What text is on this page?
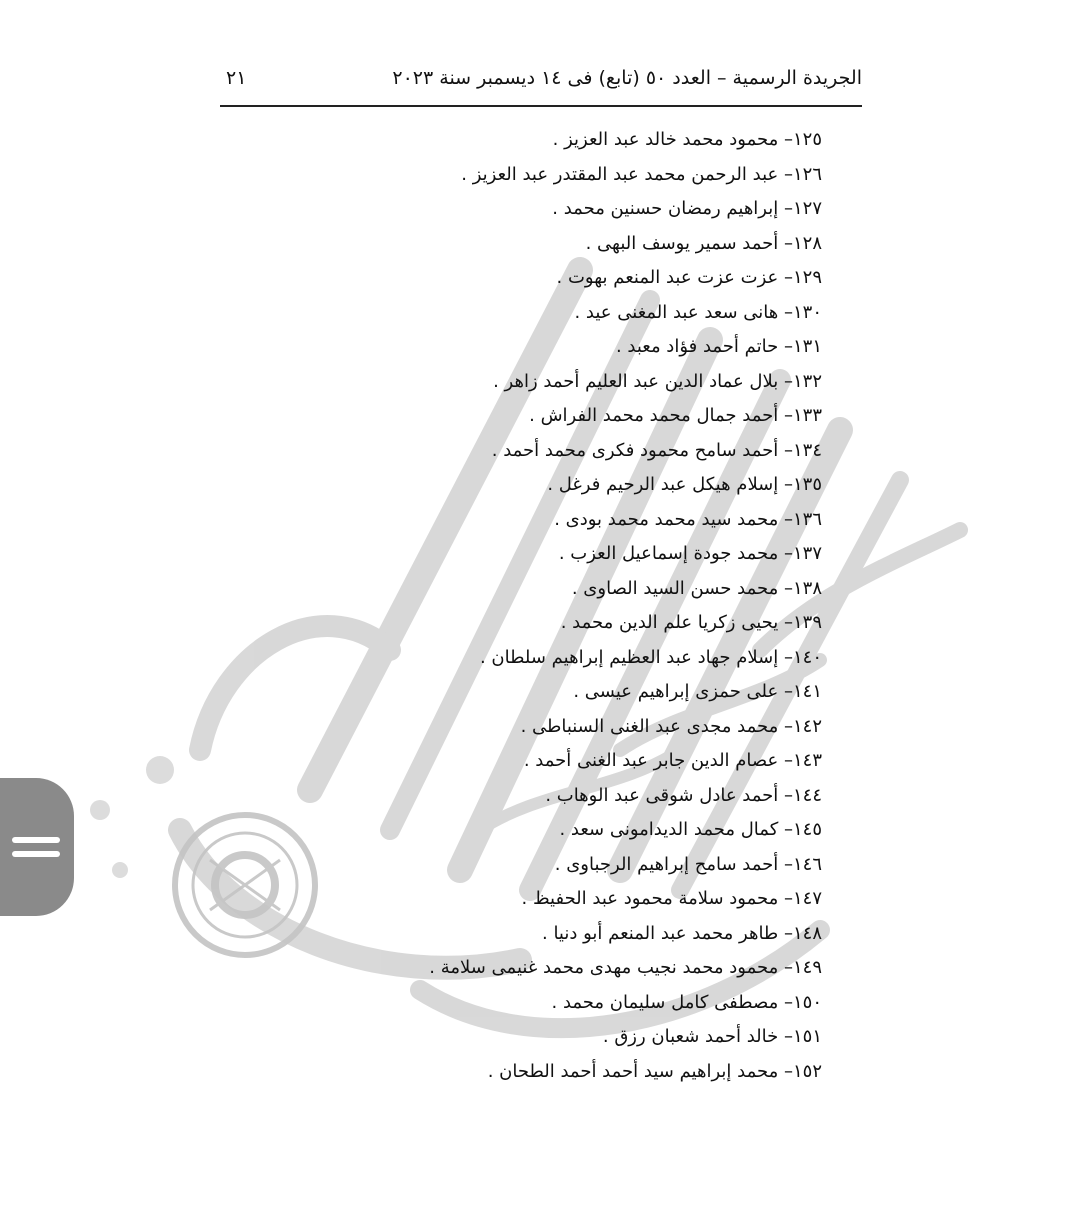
الجريدة الرسمية – العدد ٥٠ (تابع) فى ١٤ ديسمبر سنة ٢٠٢٣
٢١
١٢٥– محمود محمد خالد عبد العزيز .
١٢٦– عبد الرحمن محمد عبد المقتدر عبد العزيز .
١٢٧– إبراهيم رمضان حسنين محمد .
١٢٨– أحمد سمير يوسف البهى .
١٢٩– عزت عزت عبد المنعم بهوت .
١٣٠– هانى سعد عبد المغنى عيد .
١٣١– حاتم أحمد فؤاد معبد .
١٣٢– بلال عماد الدين عبد العليم أحمد زاهر .
١٣٣– أحمد جمال محمد محمد الفراش .
١٣٤– أحمد سامح محمود فكرى محمد أحمد .
١٣٥– إسلام هيكل عبد الرحيم فرغل .
١٣٦– محمد سيد محمد محمد بودى .
١٣٧– محمد جودة إسماعيل العزب .
١٣٨– محمد حسن السيد الصاوى .
١٣٩– يحيى زكريا علم الدين محمد .
١٤٠– إسلام جهاد عبد العظيم إبراهيم سلطان .
١٤١– على حمزى إبراهيم عيسى .
١٤٢– محمد مجدى عبد الغنى السنباطى .
١٤٣– عصام الدين جابر عبد الغنى أحمد .
١٤٤– أحمد عادل شوقى عبد الوهاب .
١٤٥– كمال محمد الديدامونى سعد .
١٤٦– أحمد سامح إبراهيم الرجباوى .
١٤٧– محمود سلامة محمود عبد الحفيظ .
١٤٨– طاهر محمد عبد المنعم أبو دنيا .
١٤٩– محمود محمد نجيب مهدى محمد غنيمى سلامة .
١٥٠– مصطفى كامل سليمان محمد .
١٥١– خالد أحمد شعبان رزق .
١٥٢– محمد إبراهيم سيد أحمد أحمد الطحان .
